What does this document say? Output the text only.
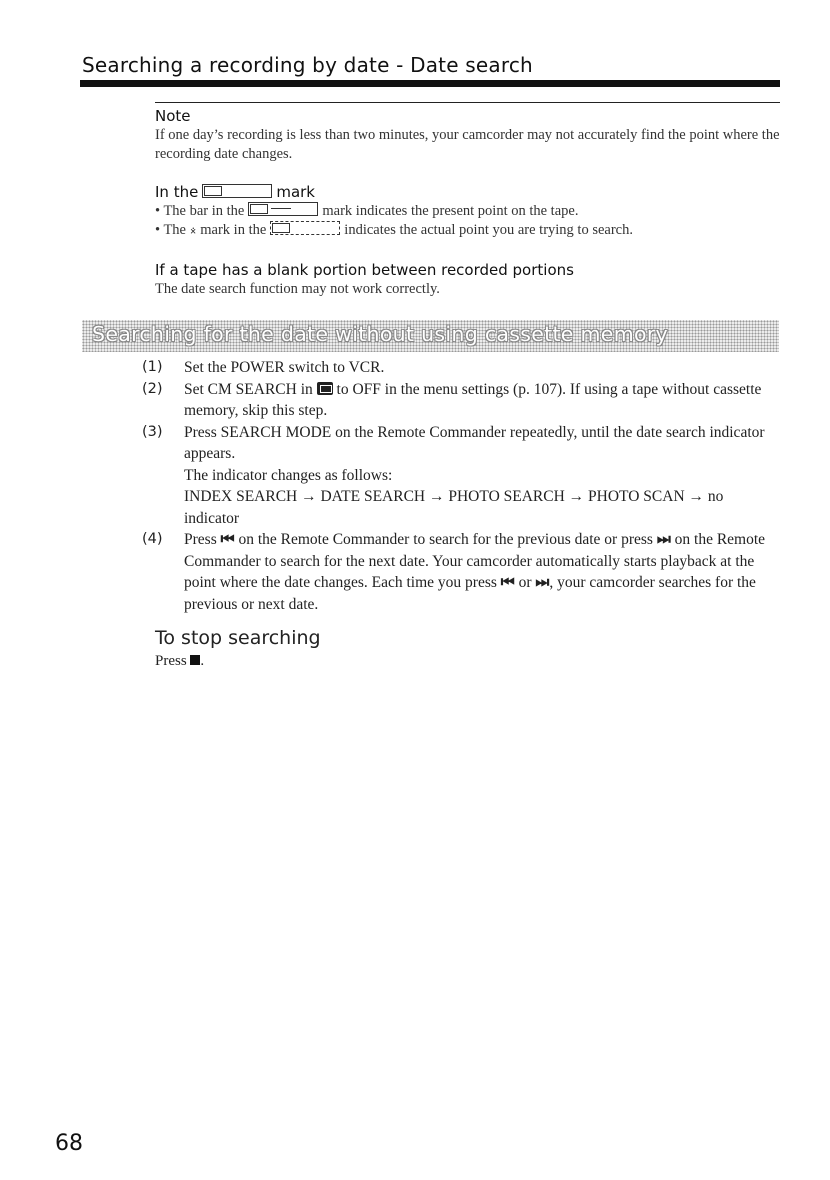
Searching a recording by date - Date search
Note
If one day’s recording is less than two minutes, your camcorder may not accurately find the point where the recording date changes.
In the	mark
• The bar in the	mark indicates the present point on the tape.
• The ⨰ mark in the	indicates the actual point you are trying to search.
If a tape has a blank portion between recorded portions
The date search function may not work correctly.
Searching for the date without using cassette memory
(1) Set the POWER switch to VCR.
(2) Set CM SEARCH in to OFF in the menu settings (p. 107). If using a tape without cassette memory, skip this step.
(3) Press SEARCH MODE on the Remote Commander repeatedly, until the date search indicator appears.
The indicator changes as follows:
INDEX SEARCH → DATE SEARCH → PHOTO SEARCH → PHOTO SCAN → no indicator
(4) Press ⏮ on the Remote Commander to search for the previous date or press ⏭ on the Remote Commander to search for the next date. Your camcorder automatically starts playback at the point where the date changes. Each time you press ⏮ or ⏭, your camcorder searches for the previous or next date.
To stop searching
Press .
68
